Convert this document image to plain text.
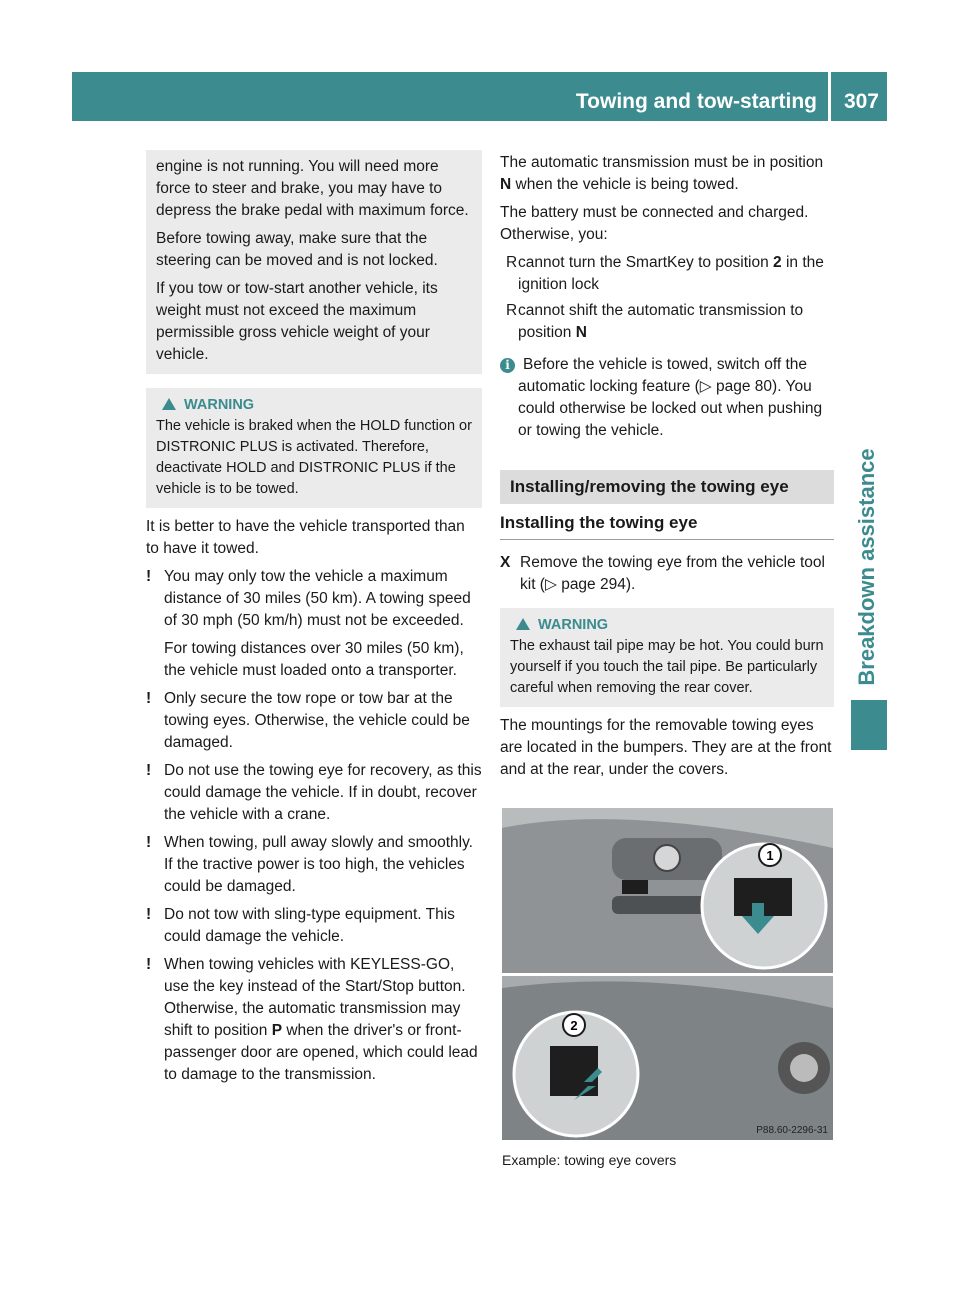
Towing and tow-starting 307
Breakdown assistance

engine is not running. You will need more force to steer and brake, you may have to depress the brake pedal with maximum force.

Before towing away, make sure that the steering can be moved and is not locked.

If you tow or tow-start another vehicle, its weight must not exceed the maximum permissible gross vehicle weight of your vehicle.

WARNING
The vehicle is braked when the HOLD function or DISTRONIC PLUS is activated. Therefore, deactivate HOLD and DISTRONIC PLUS if the vehicle is to be towed.

It is better to have the vehicle transported than to have it towed.

! You may only tow the vehicle a maximum distance of 30 miles (50 km). A towing speed of 30 mph (50 km/h) must not be exceeded.
For towing distances over 30 miles (50 km), the vehicle must loaded onto a transporter.
! Only secure the tow rope or tow bar at the towing eyes. Otherwise, the vehicle could be damaged.
! Do not use the towing eye for recovery, as this could damage the vehicle. If in doubt, recover the vehicle with a crane.
! When towing, pull away slowly and smoothly. If the tractive power is too high, the vehicles could be damaged.
! Do not tow with sling-type equipment. This could damage the vehicle.
! When towing vehicles with KEYLESS-GO, use the key instead of the Start/Stop button. Otherwise, the automatic transmission may shift to position P when the driver's or front-passenger door are opened, which could lead to damage to the transmission.

The automatic transmission must be in position N when the vehicle is being towed.

The battery must be connected and charged. Otherwise, you:

Rcannot turn the SmartKey to position 2 in the ignition lock
Rcannot shift the automatic transmission to position N
i Before the vehicle is towed, switch off the automatic locking feature (▷ page 80). You could otherwise be locked out when pushing or towing the vehicle.
Installing/removing the towing eye
Installing the towing eye
X Remove the towing eye from the vehicle tool kit (▷ page 294).
WARNING
The exhaust tail pipe may be hot. You could burn yourself if you touch the tail pipe. Be particularly careful when removing the rear cover.

The mountings for the removable towing eyes are located in the bumpers. They are at the front and at the rear, under the covers.

1
2
P88.60-2296-31
Example: towing eye covers
